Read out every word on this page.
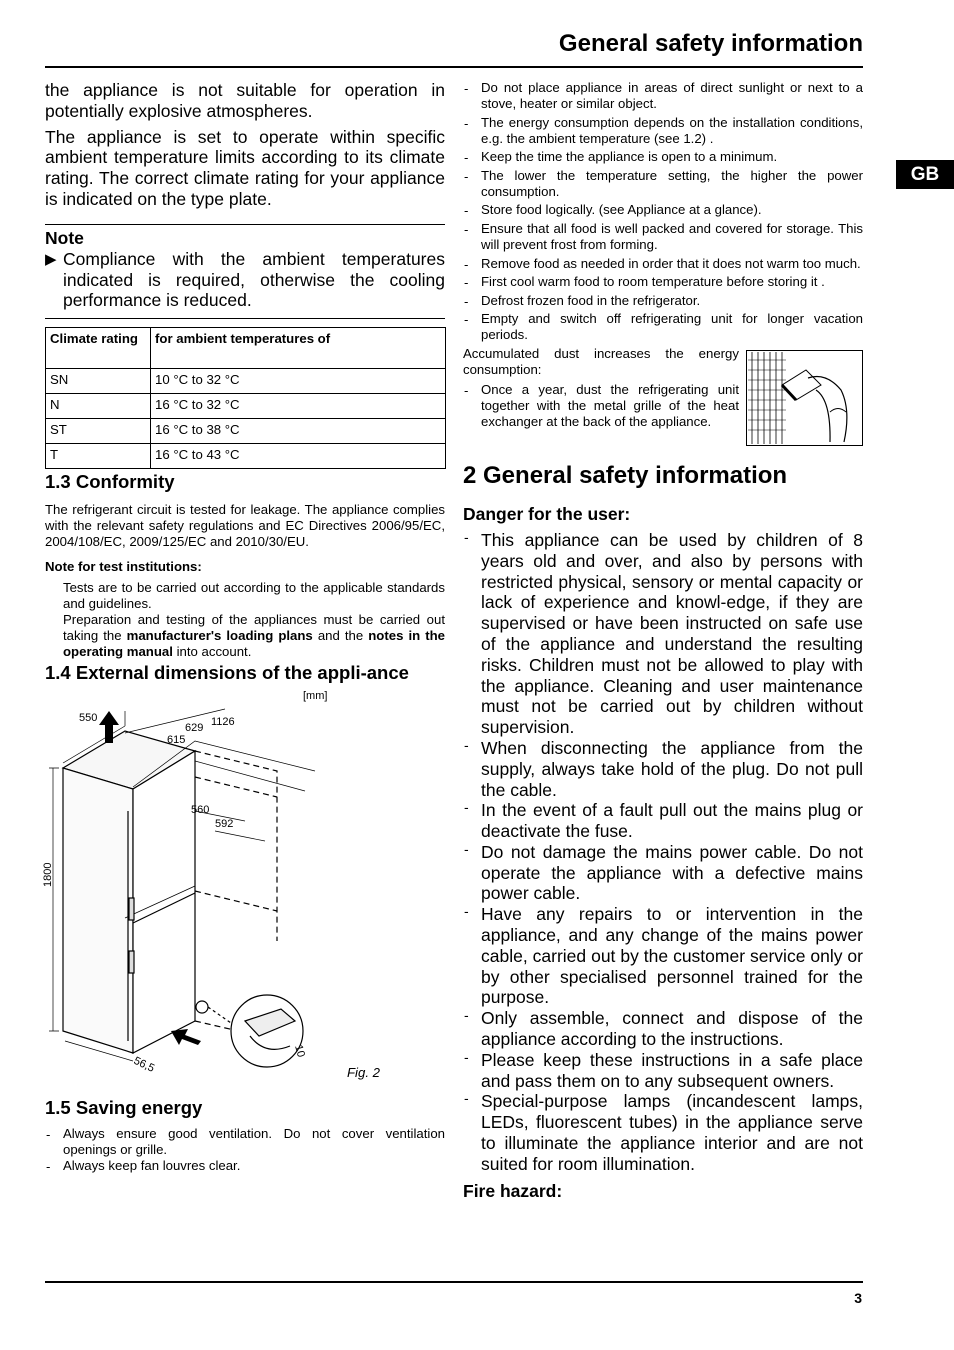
General safety information
GB

the appliance is not suitable for operation in potentially explosive atmospheres.

The appliance is set to operate within specific ambient temperature limits according to its climate rating. The correct climate rating for your appliance is indicated on the type plate.

Note
▶ Compliance with the ambient temperatures indicated is required, otherwise the cooling performance is reduced.
Climate rating	for ambient temperatures of
SN	10 °C to 32 °C
N	16 °C to 32 °C
ST	16 °C to 38 °C
T	16 °C to 43 °C
1.3 Conformity

The refrigerant circuit is tested for leakage. The appliance complies with the relevant safety regulations and EC Directives 2006/95/EC, 2004/108/EC, 2009/125/EC and 2010/30/EU.

Note for test institutions:

Tests are to be carried out according to the applicable standards and guidelines.

Preparation and testing of the appliances must be carried out taking the manufacturer's loading plans and the notes in the operating manual into account.

1.4 External dimensions of the appli-ance
[mm]
550
629 1126
615
560
592
1800
10
56,5	Fig. 2
1.5 Saving energy
- Always ensure good ventilation. Do not cover ventilation openings or grille.
- Always keep fan louvres clear.
- Do not place appliance in areas of direct sunlight or next to a stove, heater or similar object.
- The energy consumption depends on the installation conditions, e.g. the ambient temperature (see 1.2) .
- Keep the time the appliance is open to a minimum.
- The lower the temperature setting, the higher the power consumption.
- Store food logically. (see Appliance at a glance).
- Ensure that all food is well packed and covered for storage. This will prevent frost from forming.
- Remove food as needed in order that it does not warm too much.
- First cool warm food to room temperature before storing it .
- Defrost frozen food in the refrigerator.
- Empty and switch off refrigerating unit for longer vacation periods.

Accumulated dust increases the energy consumption:

- Once a year, dust the refrigerating unit together with the metal grille of the heat exchanger at the back of the appliance.
2 General safety information
Danger for the user:
- This appliance can be used by children of 8 years old and over, and also by persons with restricted physical, sensory or mental capacity or lack of experience and knowl-edge, if they are supervised or have been instructed on safe use of the appliance and understand the resulting risks. Children must not be allowed to play with the appliance. Cleaning and user maintenance must not be carried out by children without supervision.
- When disconnecting the appliance from the supply, always take hold of the plug. Do not pull the cable.
- In the event of a fault pull out the mains plug or deactivate the fuse.
- Do not damage the mains power cable. Do not operate the appliance with a defective mains power cable.
- Have any repairs to or intervention in the appliance, and any change of the mains power cable, carried out by the customer service only or by other specialised personnel trained for the purpose.
- Only assemble, connect and dispose of the appliance according to the instructions.
- Please keep these instructions in a safe place and pass them on to any subsequent owners.
- Special-purpose lamps (incandescent lamps, LEDs, fluorescent tubes) in the appliance serve to illuminate the appliance interior and are not suited for room illumination.
Fire hazard:
3
